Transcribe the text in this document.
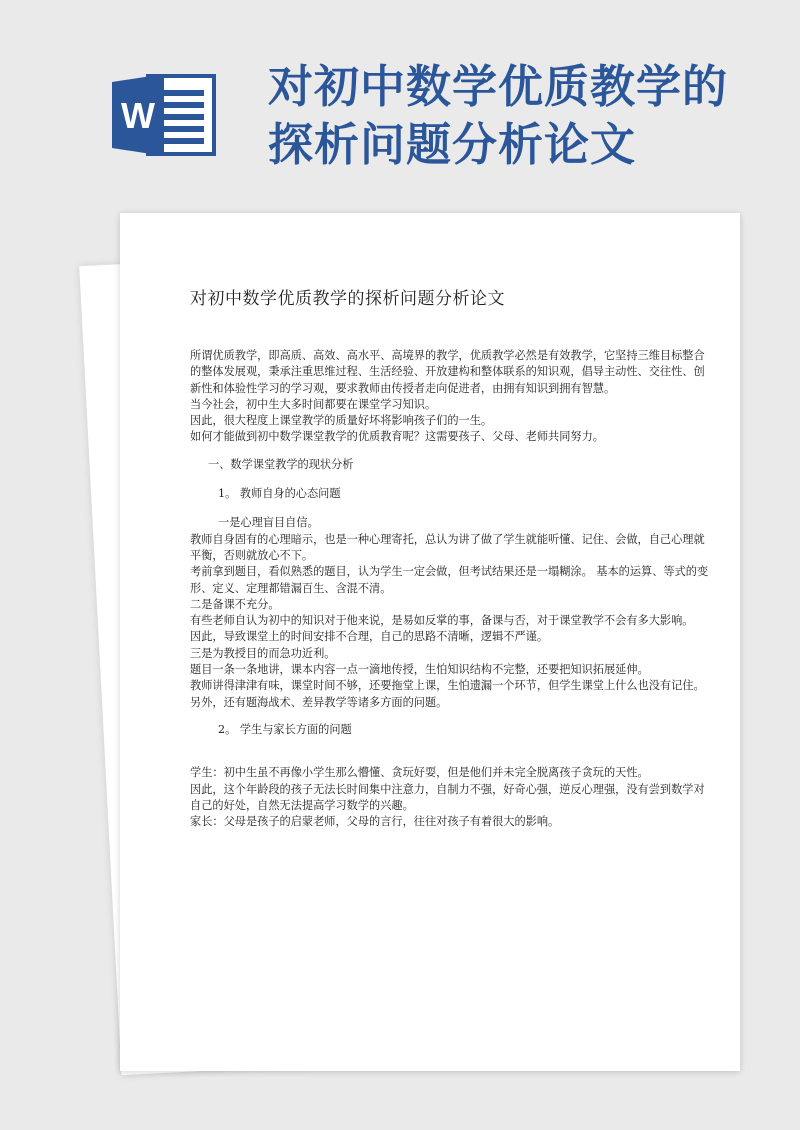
W
对初中数学优质教学的探析问题分析论文
对初中数学优质教学的探析问题分析论文

所谓优质教学，即高质、高效、高水平、高境界的教学，优质教学必然是有效教学，它坚持三维目标整合的整体发展观，秉承注重思维过程、生活经验、开放建构和整体联系的知识观，倡导主动性、交往性、创新性和体验性学习的学习观，要求教师由传授者走向促进者，由拥有知识到拥有智慧。

当今社会，初中生大多时间都要在课堂学习知识。

因此，很大程度上课堂教学的质量好坏将影响孩子们的一生。

如何才能做到初中数学课堂教学的优质教育呢？这需要孩子、父母、老师共同努力。

一、数学课堂教学的现状分析

1。 教师自身的心态问题

一是心理盲目自信。

教师自身固有的心理暗示，也是一种心理寄托，总认为讲了做了学生就能听懂、记住、会做，自己心理就平衡，否则就放心不下。

考前拿到题目，看似熟悉的题目，认为学生一定会做，但考试结果还是一塌糊涂。 基本的运算、等式的变形、定义、定理都错漏百生、含混不清。

二是备课不充分。

有些老师自认为初中的知识对于他来说，是易如反掌的事，备课与否，对于课堂教学不会有多大影响。

因此，导致课堂上的时间安排不合理，自己的思路不清晰，逻辑不严谨。

三是为教授目的而急功近利。

题目一条一条地讲，课本内容一点一滴地传授，生怕知识结构不完整，还要把知识拓展延伸。

教师讲得津津有味，课堂时间不够，还要拖堂上课，生怕遗漏一个环节，但学生课堂上什么也没有记住。

另外，还有题海战术、差异教学等诸多方面的问题。

2。 学生与家长方面的问题

学生：初中生虽不再像小学生那么懵懂、贪玩好耍，但是他们并未完全脱离孩子贪玩的天性。

因此，这个年龄段的孩子无法长时间集中注意力，自制力不强，好奇心强，逆反心理强，没有尝到数学对自己的好处，自然无法提高学习数学的兴趣。

家长：父母是孩子的启蒙老师，父母的言行，往往对孩子有着很大的影响。
